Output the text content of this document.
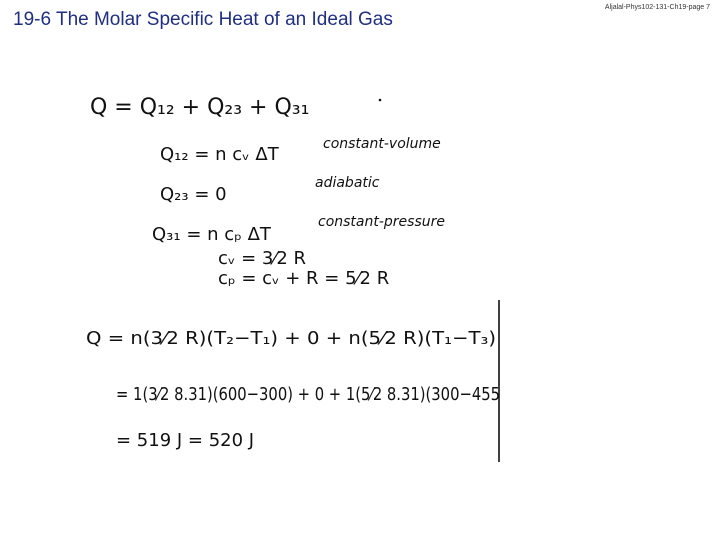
19-6 The Molar Specific Heat of an Ideal Gas
Aljalal-Phys102-131-Ch19-page 7
Q = Q₁₂ + Q₂₃ + Q₃₁
Q₁₂ = n cᵥ ΔT	constant-volume
Q₂₃ = 0
adiabatic
Q₃₁ = n cₚ ΔT
constant-pressure
cᵥ = 3⁄2 R
cₚ = cᵥ + R = 5⁄2 R
Q = n(3⁄2 R)(T₂−T₁) + 0 + n(5⁄2 R)(T₁−T₃)
= 1(3⁄2 8.31)(600−300) + 0 + 1(5⁄2 8.31)(300−455
= 519 J = 520 J
